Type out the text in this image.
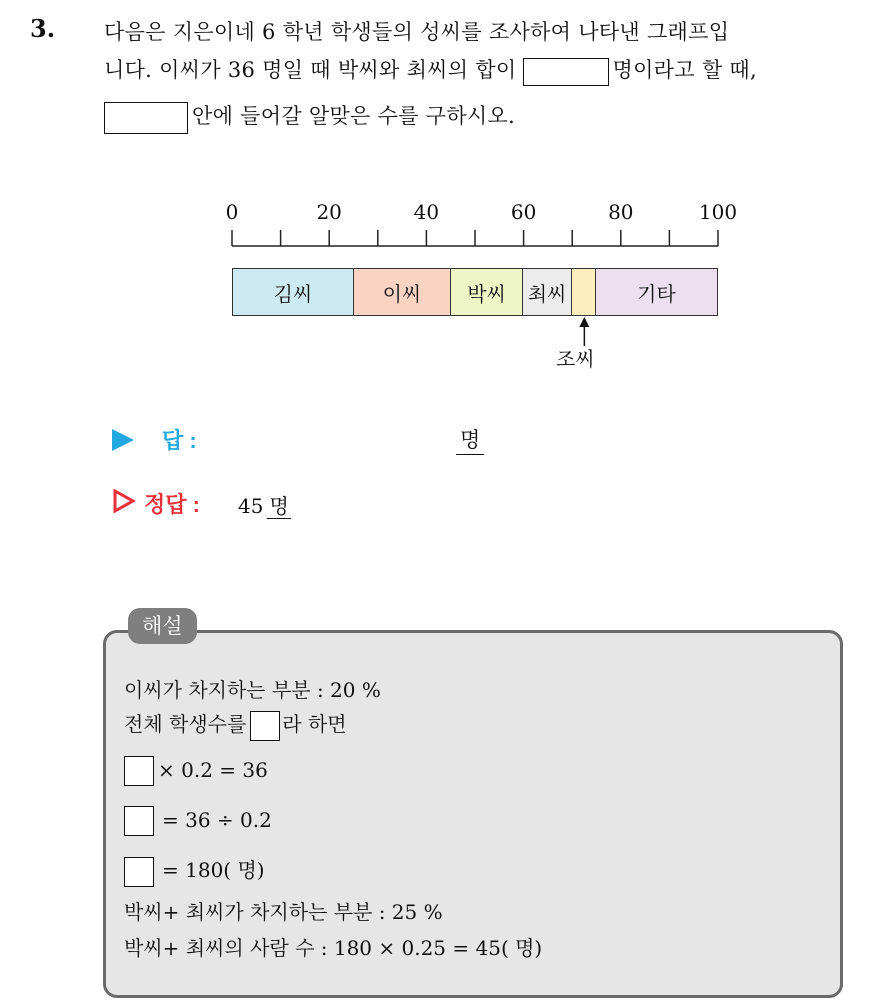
3. 다음은 지은이네 6 학년 학생들의 성씨를 조사하여 나타낸 그래프입
니다. 이씨가 36 명일 때 박씨와 최씨의 합이	명이라고 할 때,
안에 들어갈 알맞은 수를 구하시오.
0	20	40	60	80	100
김씨	이씨	박씨	최씨	기타
조씨
답 :	명
정답 : 45 명
해설
이씨가 차지하는 부분 : 20 %
전체 학생수를 라 하면
× 0.2 = 36
= 36 ÷ 0.2
= 180( 명)
박씨+ 최씨가 차지하는 부분 : 25 %
박씨+ 최씨의 사람 수 : 180 × 0.25 = 45( 명)
